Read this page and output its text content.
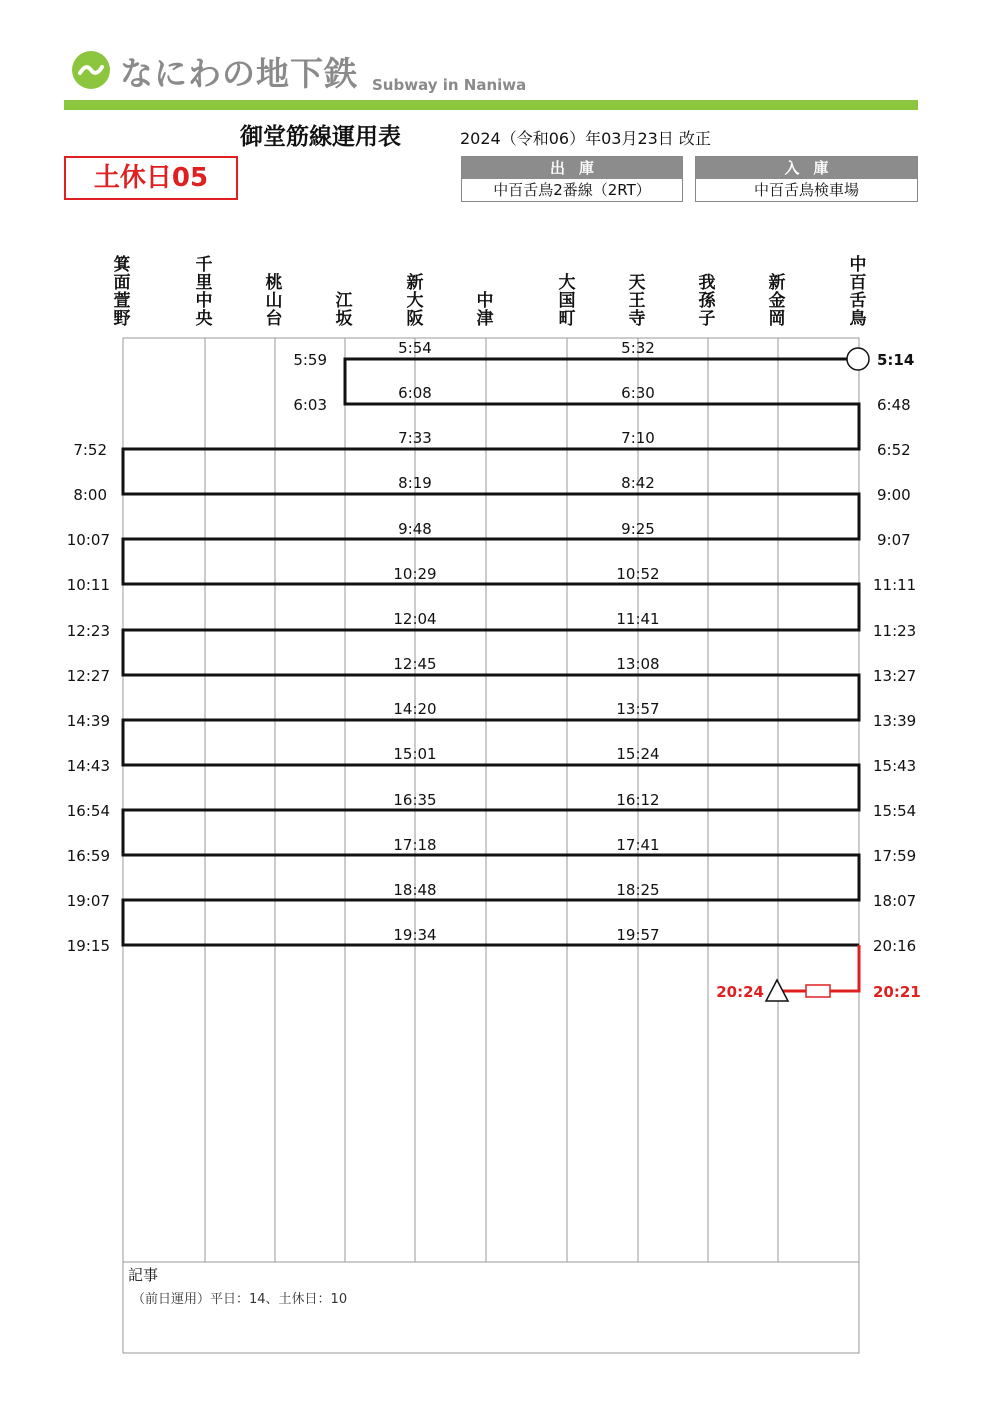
なにわの地下鉄 Subway in Naniwa
御堂筋線運用表	2024（令和06）年03月23日 改正
土休日05	出庫
中百舌鳥2番線（2RT）
入庫
中百舌鳥検車場
箕
面
萱
野
千
里
中
央
桃
山
台
江
坂
新
大
阪
中
津
大
国
町
天
王
寺
我
孫
子
新
金
岡
中
百
舌
鳥
5:14
6:48
6:52
9:00
9:07
11:11
11:23
13:27
13:39
15:43
15:54
17:59
18:07
20:16
20:21
7:52
8:00
10:07
10:11
12:23
12:27
14:39
14:43
16:54
16:59
19:07
19:15
5:59
6:03
5:54
6:08
7:33
8:19
9:48
10:29
12:04
12:45
14:20
15:01
16:35
17:18
18:48
19:34
5:32
6:30
7:10
8:42
9:25
10:52
11:41
13:08
13:57
15:24
16:12
17:41
18:25
19:57
20:24
記事
（前日運用）平日：14、土休日：10
